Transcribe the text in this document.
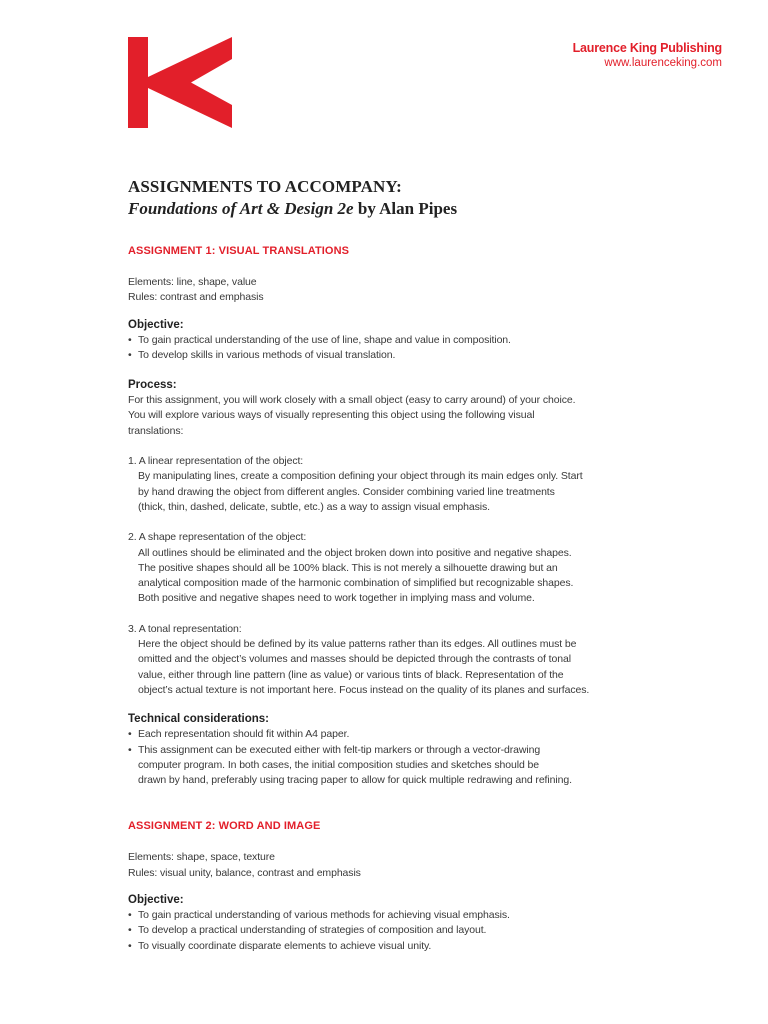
Laurence King Publishing
www.laurenceking.com
ASSIGNMENTS TO ACCOMPANY:
Foundations of Art & Design 2e by Alan Pipes
ASSIGNMENT 1: VISUAL TRANSLATIONS
Elements: line, shape, value
Rules: contrast and emphasis
Objective:
• To gain practical understanding of the use of line, shape and value in composition.
• To develop skills in various methods of visual translation.
Process:
For this assignment, you will work closely with a small object (easy to carry around) of your choice.
You will explore various ways of visually representing this object using the following visual
translations:
1. A linear representation of the object:
By manipulating lines, create a composition defining your object through its main edges only. Start
by hand drawing the object from different angles. Consider combining varied line treatments
(thick, thin, dashed, delicate, subtle, etc.) as a way to assign visual emphasis.
2. A shape representation of the object:
All outlines should be eliminated and the object broken down into positive and negative shapes.
The positive shapes should all be 100% black. This is not merely a silhouette drawing but an
analytical composition made of the harmonic combination of simplified but recognizable shapes.
Both positive and negative shapes need to work together in implying mass and volume.
3. A tonal representation:
Here the object should be defined by its value patterns rather than its edges. All outlines must be
omitted and the object’s volumes and masses should be depicted through the contrasts of tonal
value, either through line pattern (line as value) or various tints of black. Representation of the
object’s actual texture is not important here. Focus instead on the quality of its planes and surfaces.
Technical considerations:
• Each representation should fit within A4 paper.
• This assignment can be executed either with felt-tip markers or through a vector-drawing
computer program. In both cases, the initial composition studies and sketches should be
drawn by hand, preferably using tracing paper to allow for quick multiple redrawing and refining.
ASSIGNMENT 2: WORD AND IMAGE
Elements: shape, space, texture
Rules: visual unity, balance, contrast and emphasis
Objective:
• To gain practical understanding of various methods for achieving visual emphasis.
• To develop a practical understanding of strategies of composition and layout.
• To visually coordinate disparate elements to achieve visual unity.
